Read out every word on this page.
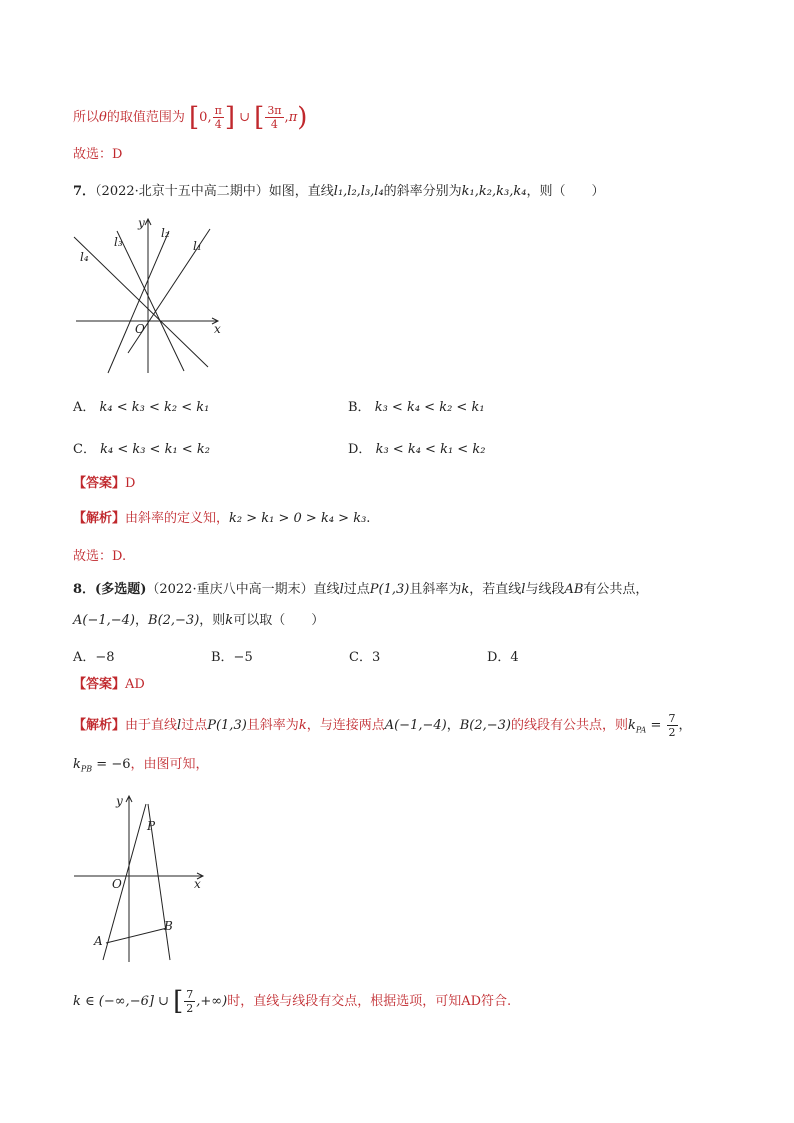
所以θ的取值范围为 [0, $\frac{\pi}{4}$ ] ∪ [ $\frac{3\pi}{4} ,\pi$)
故选：D
7．（2022·北京十五中高二期中）如图，直线l₁,l₂,l₃,l₄的斜率分别为k₁,k₂,k₃,k₄，则（　　）
y
x
O
l₁
l₂
l₃
l₄
A． k₄ < k₃ < k₂ < k₁	B． k₃ < k₄ < k₂ < k₁
C． k₄ < k₃ < k₁ < k₂	D． k₃ < k₄ < k₁ < k₂
【答案】D
【解析】由斜率的定义知，k₂ > k₁ > 0 > k₄ > k₃.
故选：D.
8．(多选题)（2022·重庆八中高一期末）直线l过点P(1,3)且斜率为k，若直线l与线段AB有公共点，
A(−1,−4)，B(2,−3)，则k可以取（　　）
A．−8	B．−5	C．3	D．4
【答案】AD
【解析】由于直线l过点P(1,3)且斜率为k，与连接两点A(−1,−4)，B(2,−3)的线段有公共点，则$k_{PA} = \frac{7}{2}$ ，
$k_{PB} = -6$，由图可知，
y
x
O
P
A
B
k ∈ (−∞,−6] ∪ [ $\frac{7}{2}$ ,+∞)时，直线与线段有交点，根据选项，可知AD符合.
